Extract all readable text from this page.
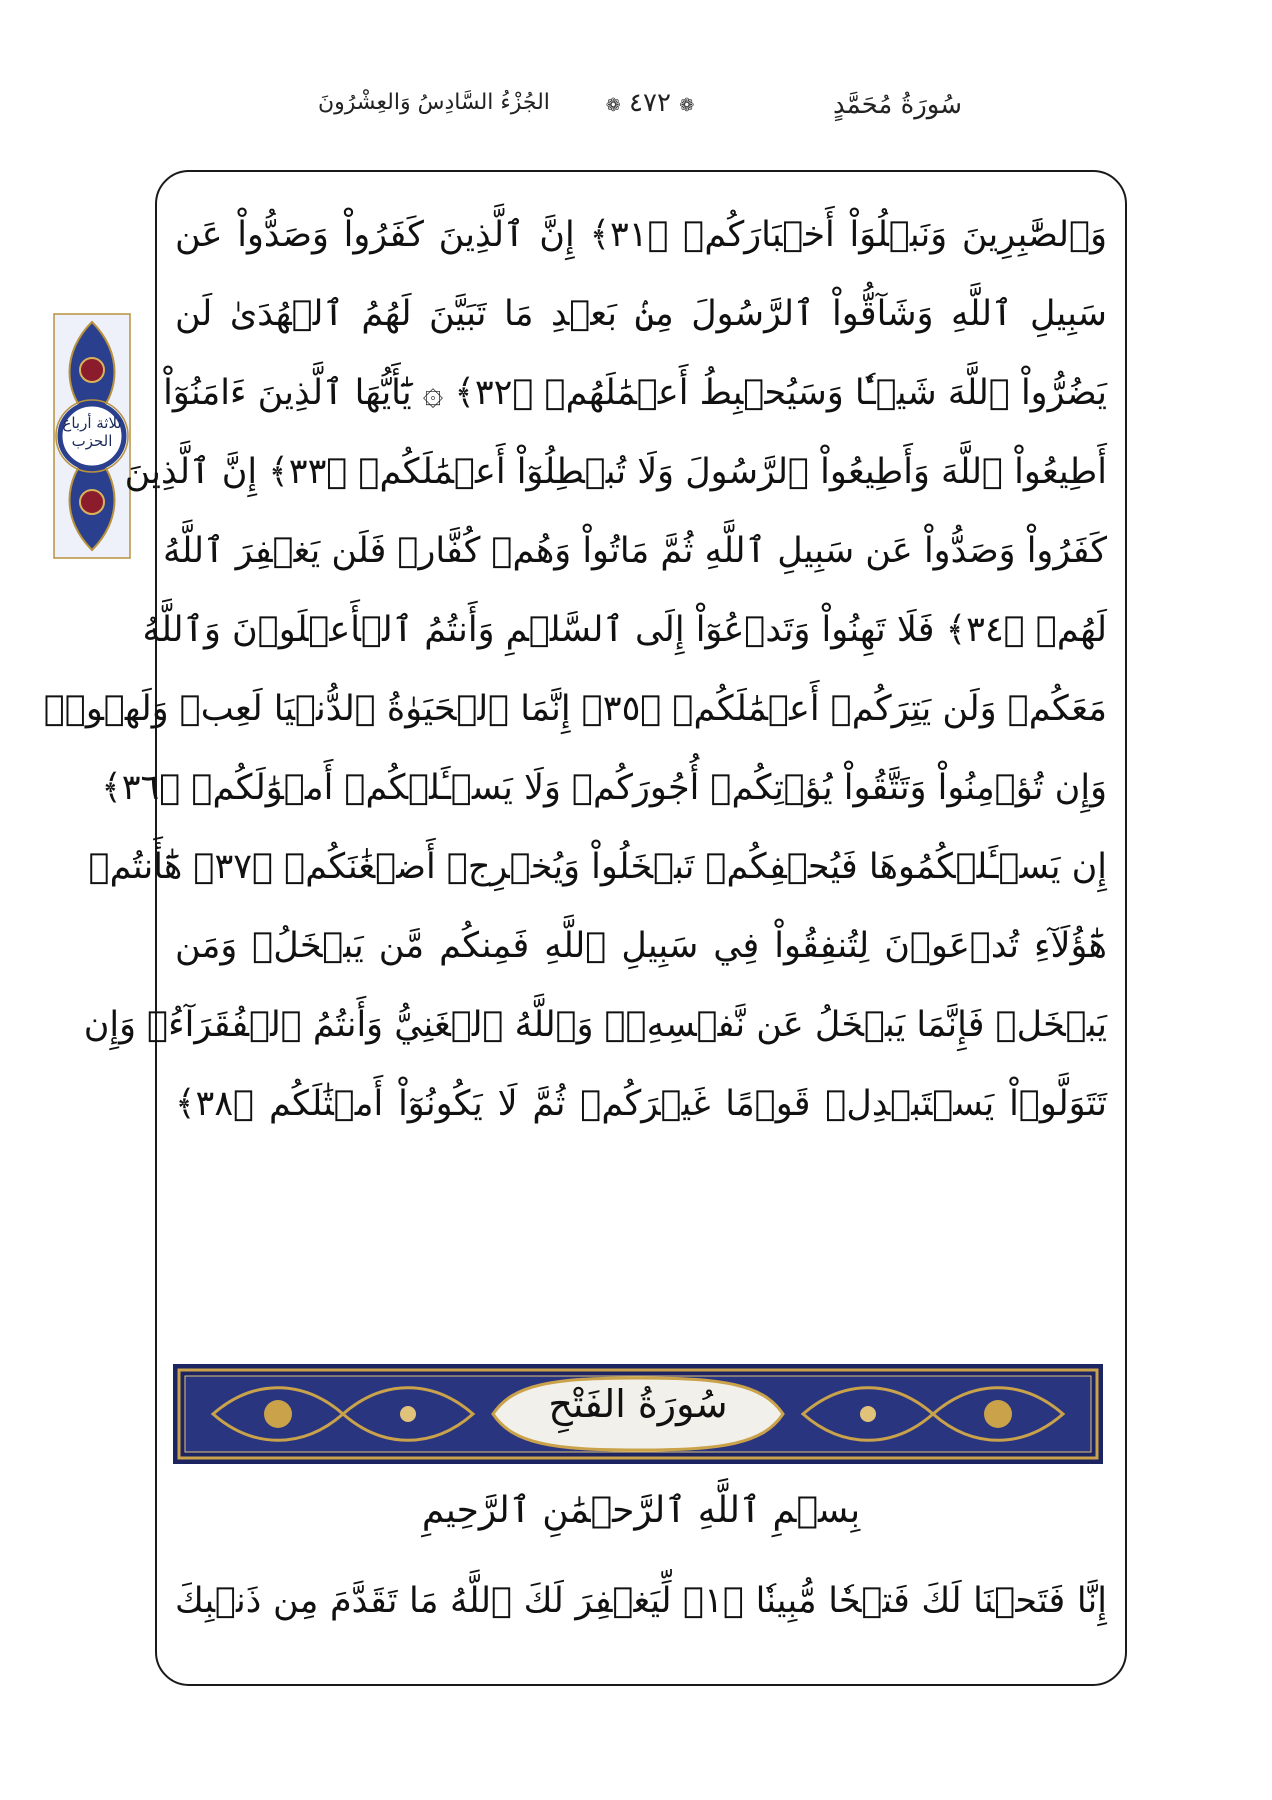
سُورَةُ مُحَمَّدٍ
❁ ٤٧٢ ❁
الجُزْءُ السَّادِسُ وَالعِشْرُونَ
ثلاثة أرباع الحزب
وَٱلصَّٰبِرِينَ وَنَبۡلُوَاْ أَخۡبَارَكُمۡ ﴿٣١﴾ إِنَّ ٱلَّذِينَ كَفَرُواْ وَصَدُّواْ عَن
سَبِيلِ ٱللَّهِ وَشَآقُّواْ ٱلرَّسُولَ مِنۢ بَعۡدِ مَا تَبَيَّنَ لَهُمُ ٱلۡهُدَىٰ لَن
يَضُرُّواْ ٱللَّهَ شَيۡـٔٗا وَسَيُحۡبِطُ أَعۡمَٰلَهُمۡ ﴿٣٢﴾ ۞ يَٰٓأَيُّهَا ٱلَّذِينَ ءَامَنُوٓاْ
أَطِيعُواْ ٱللَّهَ وَأَطِيعُواْ ٱلرَّسُولَ وَلَا تُبۡطِلُوٓاْ أَعۡمَٰلَكُمۡ ﴿٣٣﴾ إِنَّ ٱلَّذِينَ
كَفَرُواْ وَصَدُّواْ عَن سَبِيلِ ٱللَّهِ ثُمَّ مَاتُواْ وَهُمۡ كُفَّارٞ فَلَن يَغۡفِرَ ٱللَّهُ
لَهُمۡ ﴿٣٤﴾ فَلَا تَهِنُواْ وَتَدۡعُوٓاْ إِلَى ٱلسَّلۡمِ وَأَنتُمُ ٱلۡأَعۡلَوۡنَ وَٱللَّهُ
مَعَكُمۡ وَلَن يَتِرَكُمۡ أَعۡمَٰلَكُمۡ ﴿٣٥﴾ إِنَّمَا ٱلۡحَيَوٰةُ ٱلدُّنۡيَا لَعِبٞ وَلَهۡوٞۚ
وَإِن تُؤۡمِنُواْ وَتَتَّقُواْ يُؤۡتِكُمۡ أُجُورَكُمۡ وَلَا يَسۡـَٔلۡكُمۡ أَمۡوَٰلَكُمۡ ﴿٣٦﴾
إِن يَسۡـَٔلۡكُمُوهَا فَيُحۡفِكُمۡ تَبۡخَلُواْ وَيُخۡرِجۡ أَضۡغَٰنَكُمۡ ﴿٣٧﴾ هَٰٓأَنتُمۡ
هَٰٓؤُلَآءِ تُدۡعَوۡنَ لِتُنفِقُواْ فِي سَبِيلِ ٱللَّهِ فَمِنكُم مَّن يَبۡخَلُۖ وَمَن
يَبۡخَلۡ فَإِنَّمَا يَبۡخَلُ عَن نَّفۡسِهِۦۚ وَٱللَّهُ ٱلۡغَنِيُّ وَأَنتُمُ ٱلۡفُقَرَآءُۚ وَإِن
تَتَوَلَّوۡاْ يَسۡتَبۡدِلۡ قَوۡمًا غَيۡرَكُمۡ ثُمَّ لَا يَكُونُوٓاْ أَمۡثَٰلَكُم ﴿٣٨﴾
سُورَةُ الفَتْحِ
بِسۡمِ ٱللَّهِ ٱلرَّحۡمَٰنِ ٱلرَّحِيمِ
إِنَّا فَتَحۡنَا لَكَ فَتۡحٗا مُّبِينٗا ﴿١﴾ لِّيَغۡفِرَ لَكَ ٱللَّهُ مَا تَقَدَّمَ مِن ذَنۢبِكَ
